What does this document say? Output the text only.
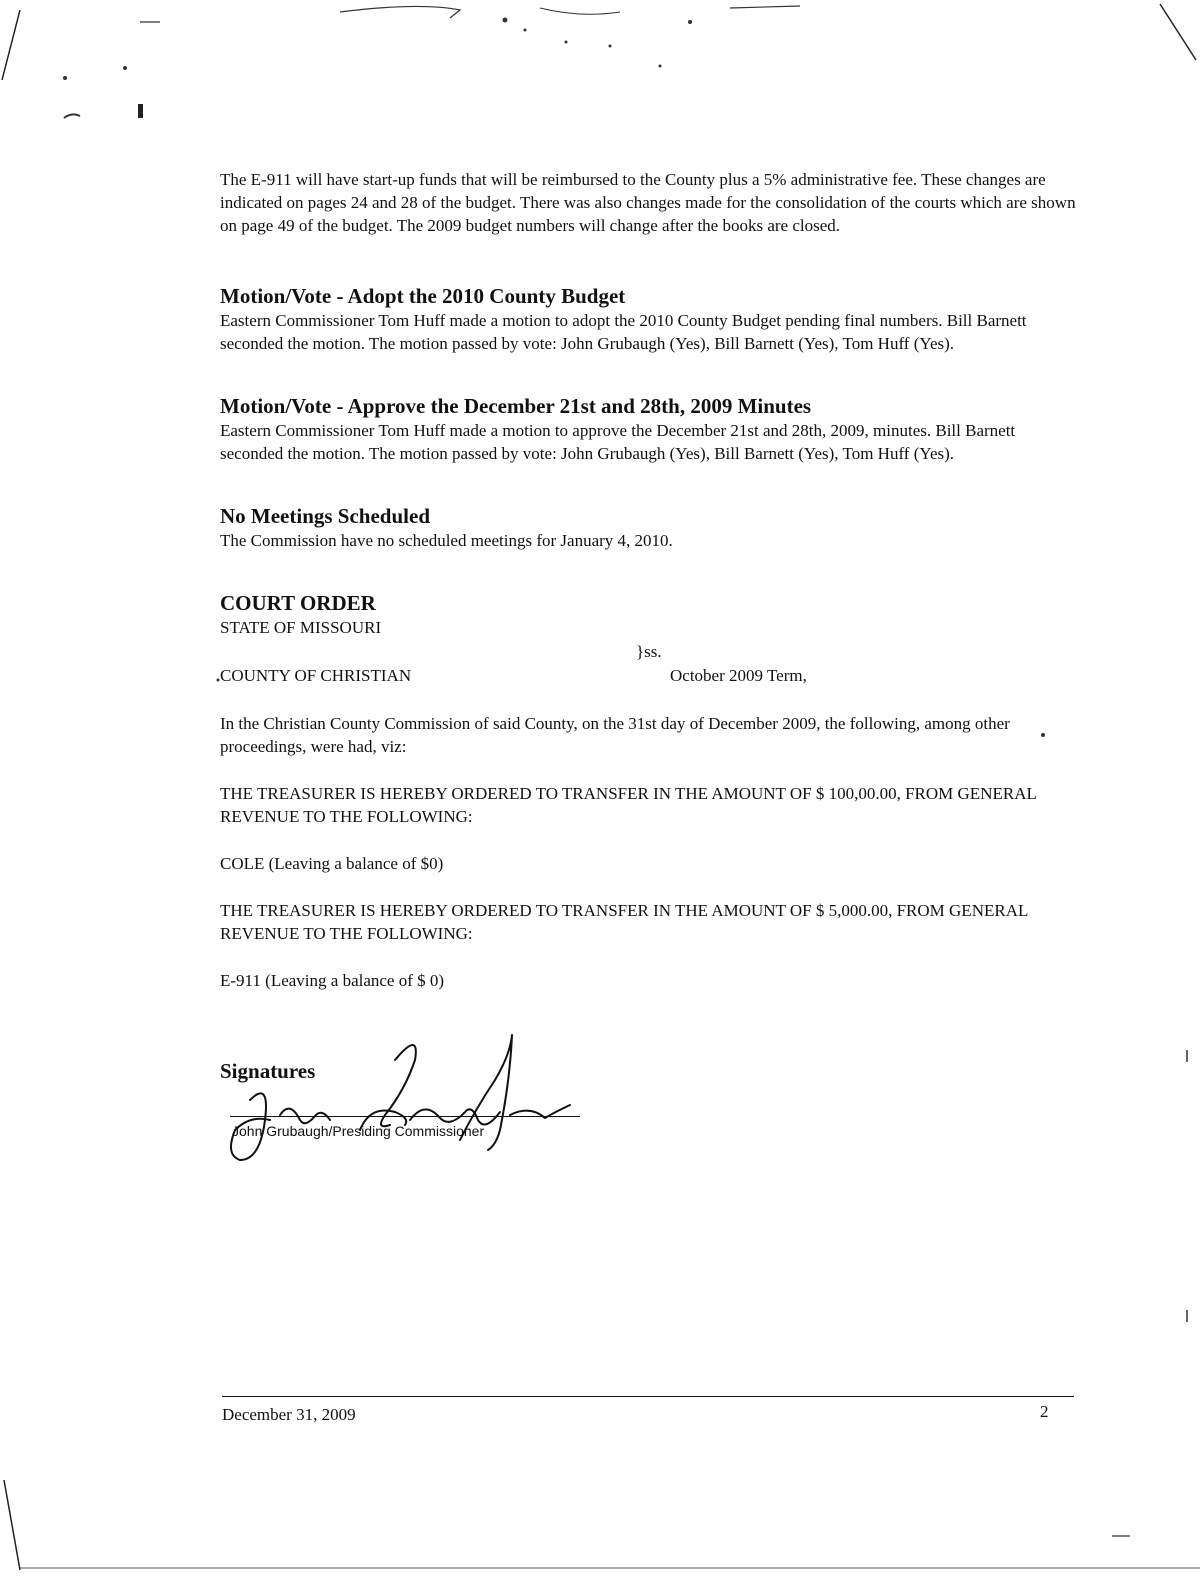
The E-911 will have start-up funds that will be reimbursed to the County plus a 5% administrative fee. These changes are indicated on pages 24 and 28 of the budget. There was also changes made for the consolidation of the courts which are shown on page 49 of the budget. The 2009 budget numbers will change after the books are closed.

Motion/Vote - Adopt the 2010 County Budget

Eastern Commissioner Tom Huff made a motion to adopt the 2010 County Budget pending final numbers. Bill Barnett seconded the motion. The motion passed by vote: John Grubaugh (Yes), Bill Barnett (Yes), Tom Huff (Yes).

Motion/Vote - Approve the December 21st and 28th, 2009 Minutes

Eastern Commissioner Tom Huff made a motion to approve the December 21st and 28th, 2009, minutes. Bill Barnett seconded the motion. The motion passed by vote: John Grubaugh (Yes), Bill Barnett (Yes), Tom Huff (Yes).

No Meetings Scheduled

The Commission have no scheduled meetings for January 4, 2010.

COURT ORDER

STATE OF MISSOURI
}ss.
COUNTY OF CHRISTIAN	October 2009 Term,

In the Christian County Commission of said County, on the 31st day of December 2009, the following, among other proceedings, were had, viz:

THE TREASURER IS HEREBY ORDERED TO TRANSFER IN THE AMOUNT OF $ 100,00.00, FROM GENERAL REVENUE TO THE FOLLOWING:

COLE (Leaving a balance of $0)

THE TREASURER IS HEREBY ORDERED TO TRANSFER IN THE AMOUNT OF $ 5,000.00, FROM GENERAL REVENUE TO THE FOLLOWING:

E-911 (Leaving a balance of $ 0)

Signatures
John Grubaugh/Presiding Commissioner
December 31, 2009	2
